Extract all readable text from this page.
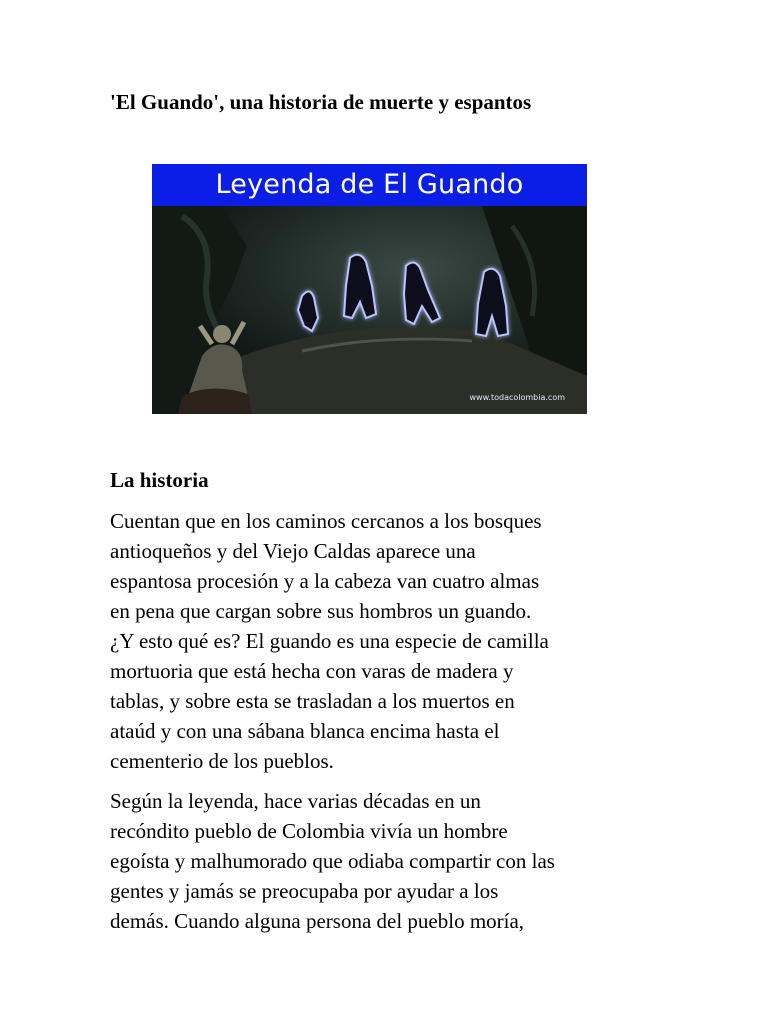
'El Guando', una historia de muerte y espantos
Leyenda de El Guando
www.todacolombia.com
La historia

Cuentan que en los caminos cercanos a los bosques
antioqueños y del Viejo Caldas aparece una
espantosa procesión y a la cabeza van cuatro almas
en pena que cargan sobre sus hombros un guando.
¿Y esto qué es? El guando es una especie de camilla
mortuoria que está hecha con varas de madera y
tablas, y sobre esta se trasladan a los muertos en
ataúd y con una sábana blanca encima hasta el
cementerio de los pueblos.

Según la leyenda, hace varias décadas en un
recóndito pueblo de Colombia vivía un hombre
egoísta y malhumorado que odiaba compartir con las
gentes y jamás se preocupaba por ayudar a los
demás. Cuando alguna persona del pueblo moría,
